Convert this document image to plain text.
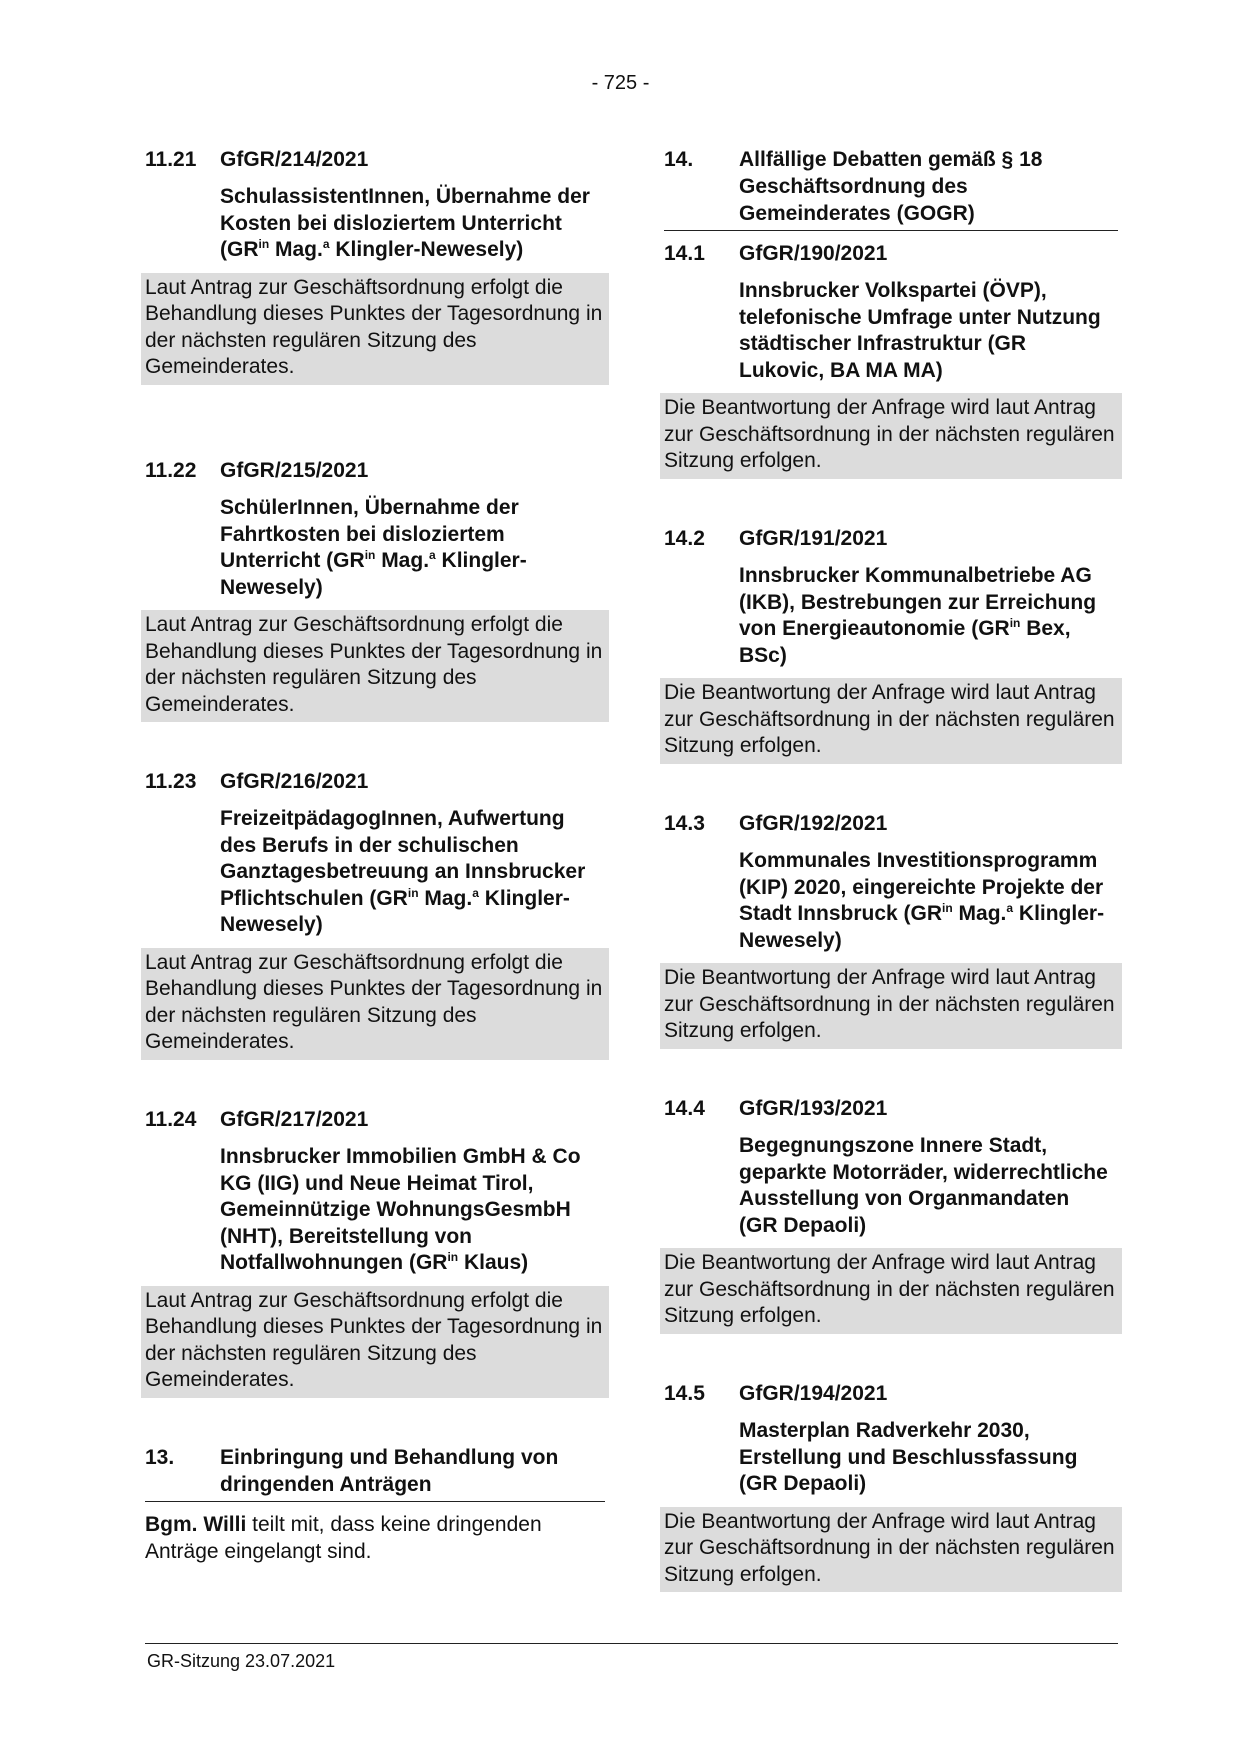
- 725 -
11.21	GfGR/214/2021
SchulassistentInnen, Übernahme der Kosten bei disloziertem Unterricht ($GR^{in}$ Mag.$^a$ Klingler-Newesely)
Laut Antrag zur Geschäftsordnung erfolgt die Behandlung dieses Punktes der Tagesordnung in der nächsten regulären Sitzung des Gemeinderates.
11.22	GfGR/215/2021
SchülerInnen, Übernahme der Fahrtkosten bei disloziertem Unterricht ($GR^{in}$ Mag.$^a$ Klingler-Newesely)
Laut Antrag zur Geschäftsordnung erfolgt die Behandlung dieses Punktes der Tagesordnung in der nächsten regulären Sitzung des Gemeinderates.
11.23	GfGR/216/2021
FreizeitpädagogInnen, Aufwertung des Berufs in der schulischen Ganztagesbetreuung an Innsbrucker Pflichtschulen ($GR^{in}$ Mag.$^a$ Klingler-Newesely)
Laut Antrag zur Geschäftsordnung erfolgt die Behandlung dieses Punktes der Tagesordnung in der nächsten regulären Sitzung des Gemeinderates.
11.24	GfGR/217/2021
Innsbrucker Immobilien GmbH & Co KG (IIG) und Neue Heimat Tirol, Gemeinnützige WohnungsGesmbH (NHT), Bereitstellung von Notfallwohnungen ($GR^{in}$ Klaus)
Laut Antrag zur Geschäftsordnung erfolgt die Behandlung dieses Punktes der Tagesordnung in der nächsten regulären Sitzung des Gemeinderates.
13.	Einbringung und Behandlung von dringenden Anträgen
Bgm. Willi teilt mit, dass keine dringenden Anträge eingelangt sind.
14.	Allfällige Debatten gemäß § 18 Geschäftsordnung des Gemeinderates (GOGR)
14.1	GfGR/190/2021
Innsbrucker Volkspartei (ÖVP), telefonische Umfrage unter Nutzung städtischer Infrastruktur (GR Lukovic, BA MA MA)
Die Beantwortung der Anfrage wird laut Antrag zur Geschäftsordnung in der nächsten regulären Sitzung erfolgen.
14.2	GfGR/191/2021
Innsbrucker Kommunalbetriebe AG (IKB), Bestrebungen zur Erreichung von Energieautonomie ($GR^{in}$ Bex, BSc)
Die Beantwortung der Anfrage wird laut Antrag zur Geschäftsordnung in der nächsten regulären Sitzung erfolgen.
14.3	GfGR/192/2021
Kommunales Investitionsprogramm (KIP) 2020, eingereichte Projekte der Stadt Innsbruck ($GR^{in}$ Mag.$^a$ Klingler-Newesely)
Die Beantwortung der Anfrage wird laut Antrag zur Geschäftsordnung in der nächsten regulären Sitzung erfolgen.
14.4	GfGR/193/2021
Begegnungszone Innere Stadt, geparkte Motorräder, widerrechtliche Ausstellung von Organmandaten (GR Depaoli)
Die Beantwortung der Anfrage wird laut Antrag zur Geschäftsordnung in der nächsten regulären Sitzung erfolgen.
14.5	GfGR/194/2021
Masterplan Radverkehr 2030, Erstellung und Beschlussfassung (GR Depaoli)
Die Beantwortung der Anfrage wird laut Antrag zur Geschäftsordnung in der nächsten regulären Sitzung erfolgen.
GR-Sitzung 23.07.2021
